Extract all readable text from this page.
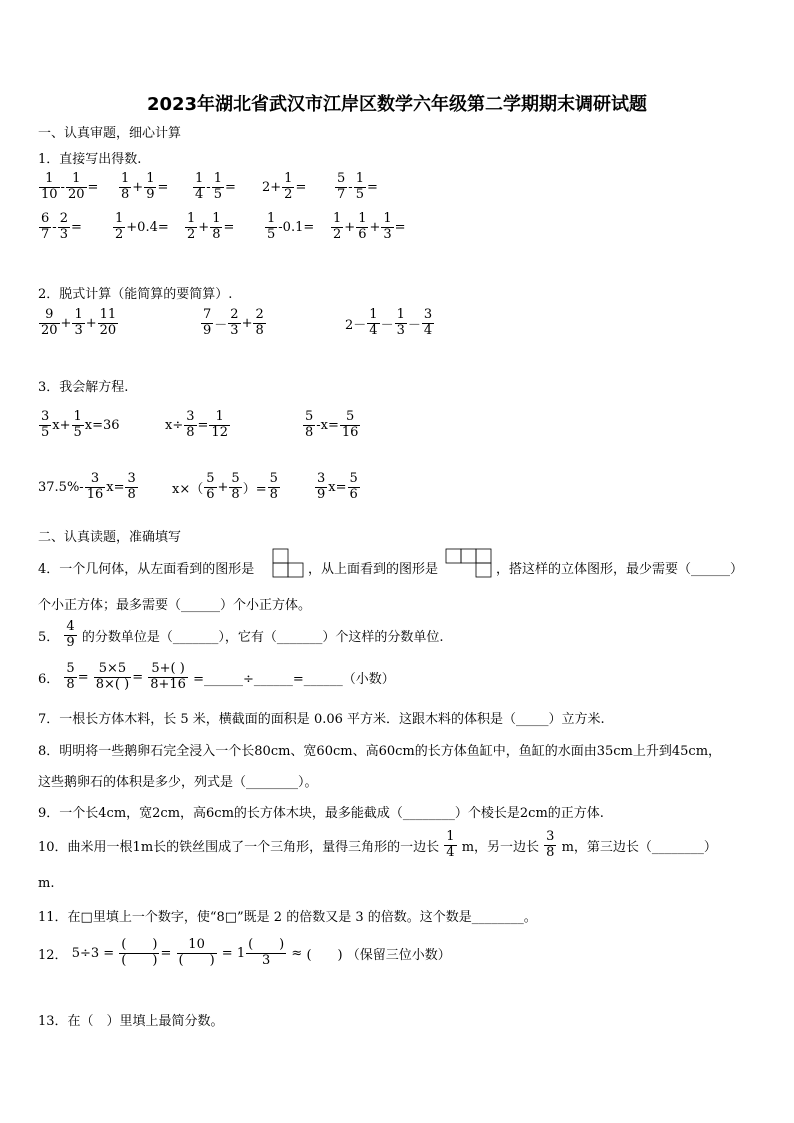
2023年湖北省武汉市江岸区数学六年级第二学期期末调研试题
一、认真审题，细心计算
1．直接写出得数.
$\frac{1}{10} - \frac{1}{20} = \frac{1}{8} + \frac{1}{9} = \frac{1}{4} - \frac{1}{5} = 2+ \frac{1}{2} = \frac{5}{7} - \frac{1}{5}$ =
$\frac{6}{7} - \frac{2}{3} = \frac{1}{2} +0.4= \frac{1}{2} + \frac{1}{8} = \frac{1}{5} -0.1= \frac{1}{2} + \frac{1}{6} + \frac{1}{3}$ =
2．脱式计算（能简算的要简算）.
$\frac{9}{20} + \frac{1}{3} + \frac{11}{20}$	$\frac{7}{9} - \frac{2}{3} + \frac{2}{8}$	$2- \frac{1}{4} - \frac{1}{3} - \frac{3}{4}$
3．我会解方程.
$\frac{3}{5} x+ \frac{1}{5} x=36$	$x\div \frac{3}{8} = \frac{1}{12}$	$\frac{5}{8} -x= \frac{5}{16}$
$37.5\%- \frac{3}{16} x= \frac{3}{8}$	$x\times( \frac{5}{6} + \frac{5}{8}$ ）= $\frac{5}{8}$	$\frac{3}{9} x= \frac{5}{6}$
二、认真读题，准确填写
4．一个几何体，从左面看到的图形是	，从上面看到的图形是	，搭这样的立体图形，最少需要（______）
个小正方体；最多需要（______）个小正方体。
5． $\frac{4}{9}$ 的分数单位是（_______），它有（_______）个这样的分数单位.
6． $\frac{5}{8} = \frac{5\times 5}{8\times( )} = \frac{5+( )}{8+16}$ =______÷______=______（小数）
7．一根长方体木料，长 5 米，横截面的面积是 0.06 平方米．这跟木料的体积是（_____）立方米.
8．明明将一些鹅卵石完全浸入一个长80cm、宽60cm、高60cm的长方体鱼缸中，鱼缸的水面由35cm上升到45cm，
这些鹅卵石的体积是多少，列式是（________）。
9．一个长4cm，宽2cm，高6cm的长方体木块，最多能截成（________）个棱长是2cm的正方体.
10．曲米用一根1m长的铁丝围成了一个三角形，量得三角形的一边长 $\frac{1}{4}$ m，另一边长 $\frac{3}{8}$ m，第三边长（________）
m.
11．在□里填上一个数字，使“8□”既是 2 的倍数又是 3 的倍数。这个数是________。
12． $5\div 3 = \frac{( )}{( )} = \frac{10}{( )} = 1 \frac{( )}{3}$ ≈ (　　) （保留三位小数）
13．在（　）里填上最简分数。
